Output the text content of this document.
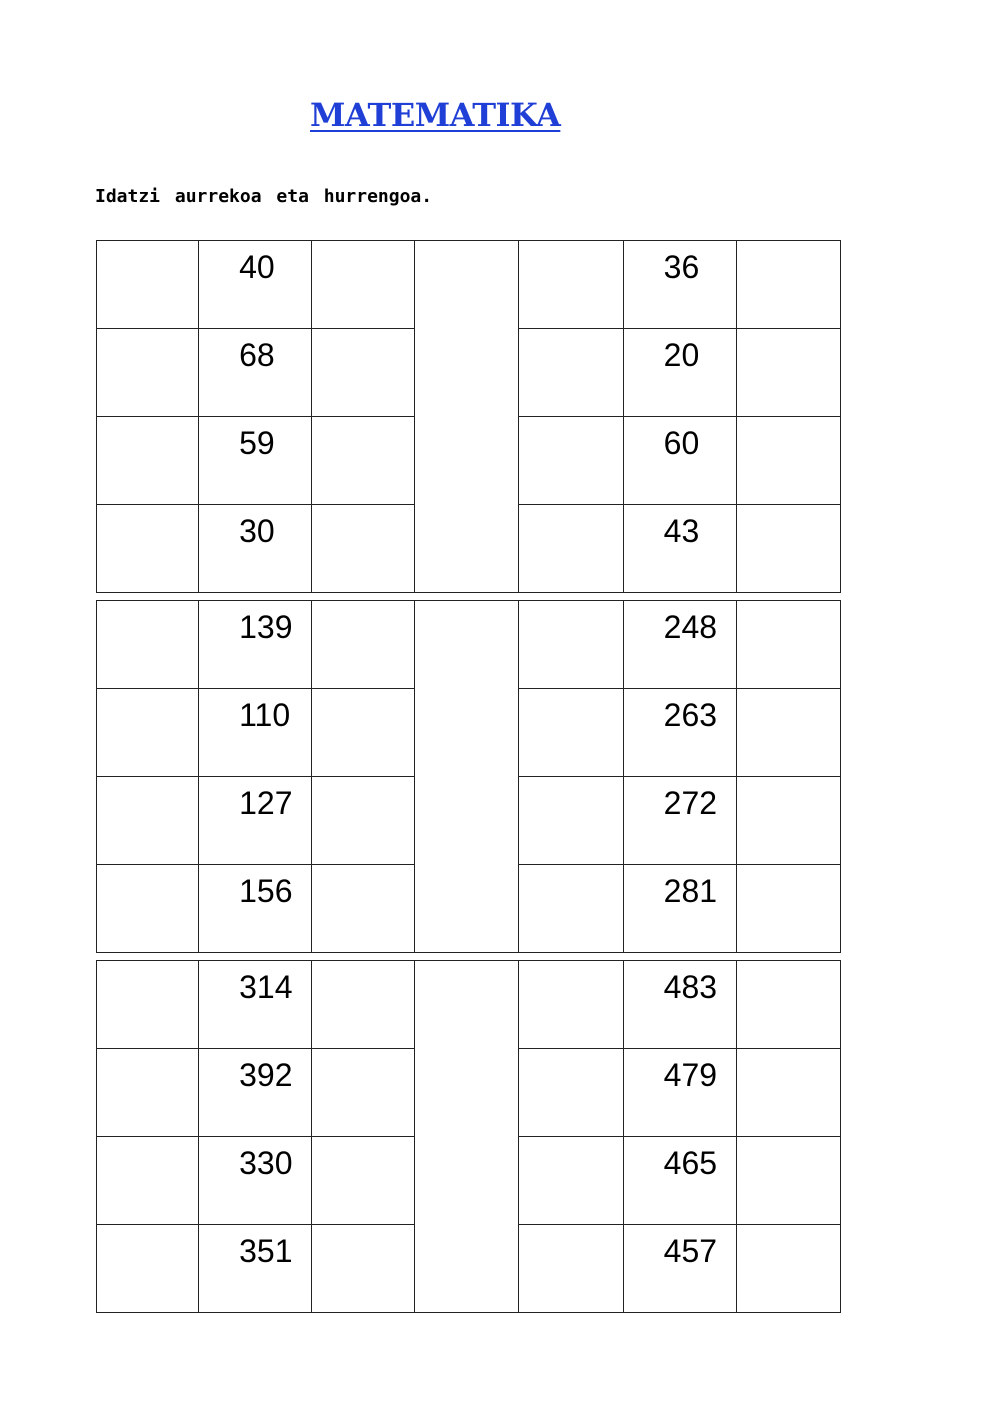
MATEMATIKA
Idatzi aurrekoa eta hurrengoa.

	40				36	

	68				20	

	59				60	

	30				43	

	139				248	

	110				263	

	127				272	

	156				281	

	314				483	

	392				479	

	330				465	

	351				457	
